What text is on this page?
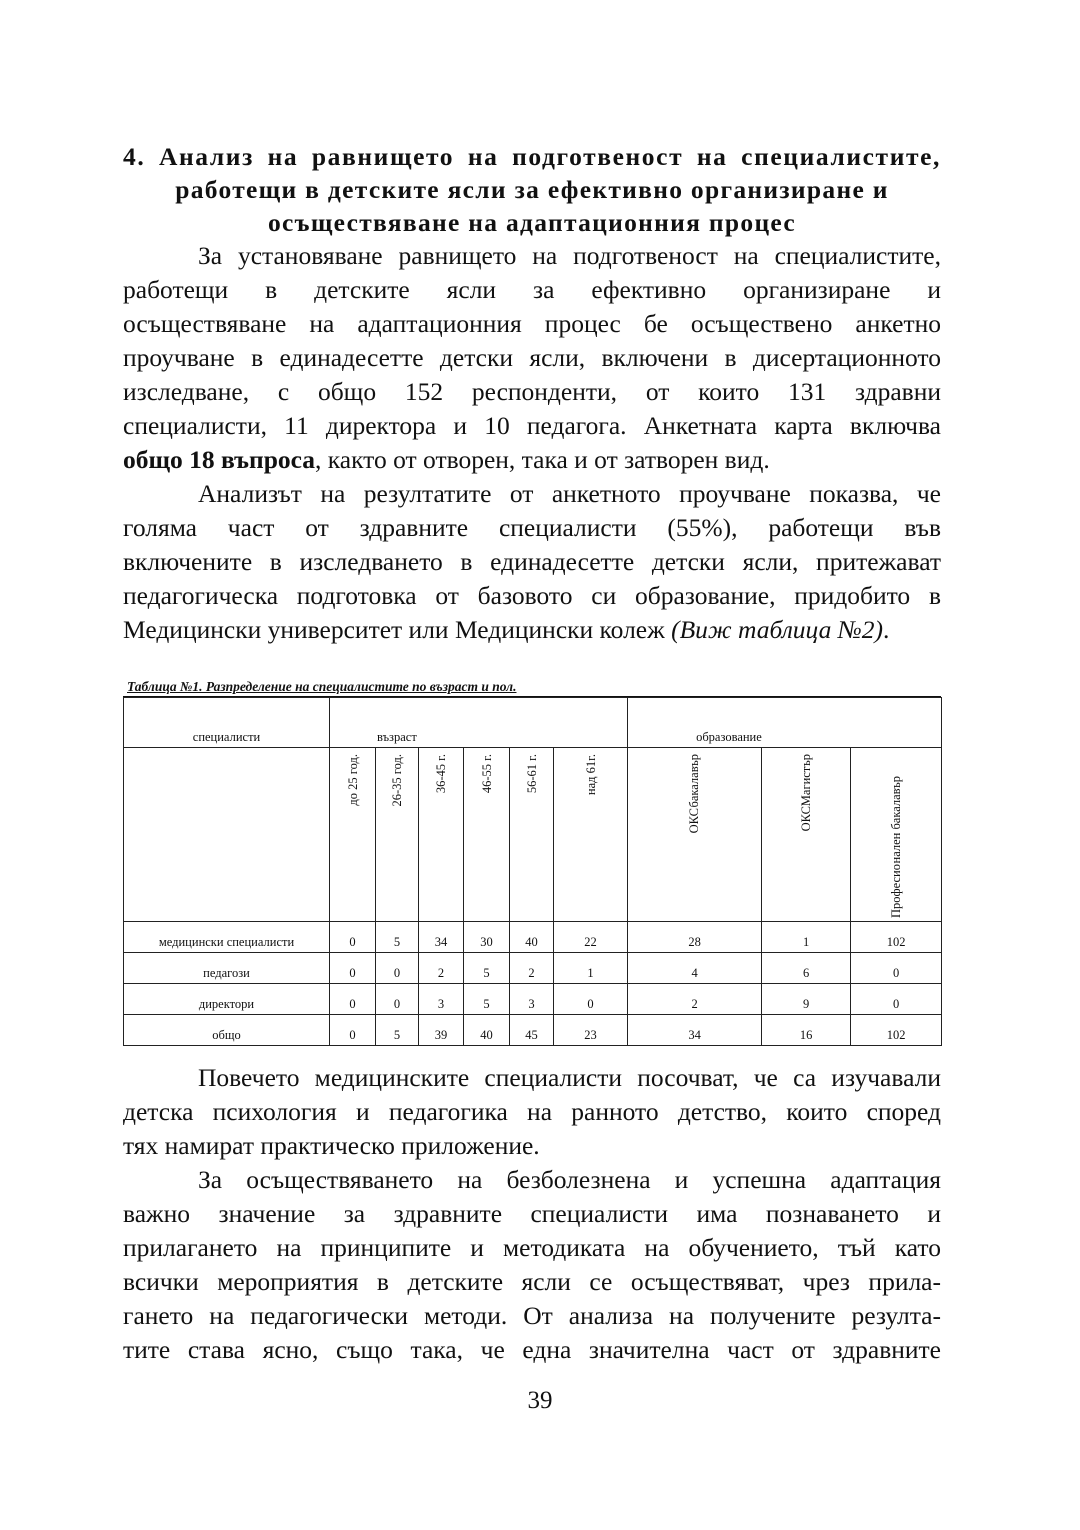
4. Анализ на равнището на подготвеност на специалистите,
работещи в детските ясли за ефективно организиране и
осъществяване на адаптационния процес

За установяване равнището на подготвеност на специалистите,
работещи в детските ясли за ефективно организиране и
осъществяване на адаптационния процес бе осъществено анкетно
проучване в единадесетте детски ясли, включени в дисертационното
изследване, с общо 152 респонденти, от които 131 здравни
специалисти, 11 директора и 10 педагога. Анкетната карта включва
общо 18 въпроса, както от отворен, така и от затворен вид.

Анализът на резултатите от анкетното проучване показва, че
голяма част от здравните специалисти (55%), работещи във
включените в изследването в единадесетте детски ясли, притежават
педагогическа подготовка от базовото си образование, придобито в
Медицински университет или Медицински колеж (Виж таблица №2).

Таблица №1. Разпределение на специалистите по възраст и пол.
специалисти	възраст						образование		
	до 25 год.	26-35 год.	36-45 г.	46-55 г.	56-61 г.	над 61г.	бакалавърОКС	МагистърОКС	нален бакалавърПрофесио
медицински специалисти	0	5	34	30	40	22	28	1	102
педагози	0	0	2	5	2	1	4	6	0
директори	0	0	3	5	3	0	2	9	0
общо	0	5	39	40	45	23	34	16	102

Повечето медицинските специалисти посочват, че са изучавали
детска психология и педагогика на ранното детство, които според
тях намират практическо приложение.

За осъществяването на безболезнена и успешна адаптация
важно значение за здравните специалисти има познаването и
прилагането на принципите и методиката на обучението, тъй като
всички мероприятия в детските ясли се осъществяват, чрез прила-
гането на педагогически методи. От анализа на получените резулта-
тите става ясно, също така, че една значителна част от здравните

39
